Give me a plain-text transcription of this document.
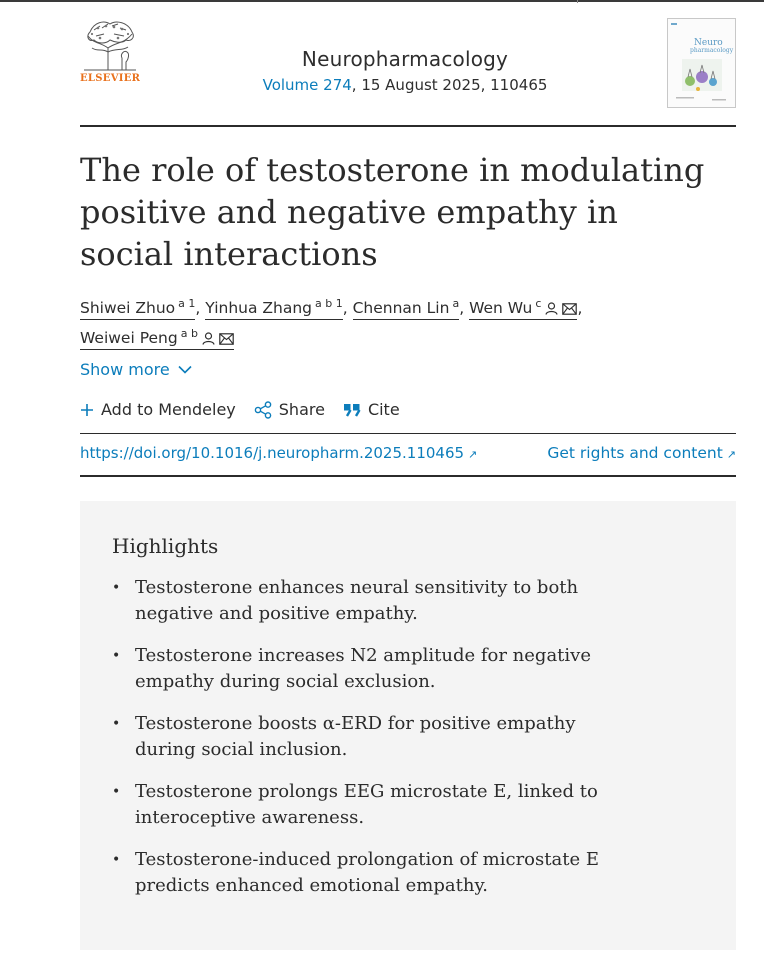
ELSEVIER
Neuropharmacology
Volume 274, 15 August 2025, 110465
Neuro
pharmacology
The role of testosterone in modulating positive and negative empathy in social interactions
Shiwei Zhuo $^{a 1}$, Yinhua Zhang $^{a b 1}$, Chennan Lin $^a$, Wen Wu $^c$ ,
Weiwei Peng $^{a b}$
Show more
Add to Mendeley	Share	Cite
https://doi.org/10.1016/j.neuropharm.2025.110465 ↗	Get rights and content ↗
Highlights
• Testosterone enhances neural sensitivity to both negative and positive empathy.
• Testosterone increases N2 amplitude for negative empathy during social exclusion.
• Testosterone boosts α-ERD for positive empathy during social inclusion.
• Testosterone prolongs EEG microstate E, linked to interoceptive awareness.
• Testosterone-induced prolongation of microstate E predicts enhanced emotional empathy.
